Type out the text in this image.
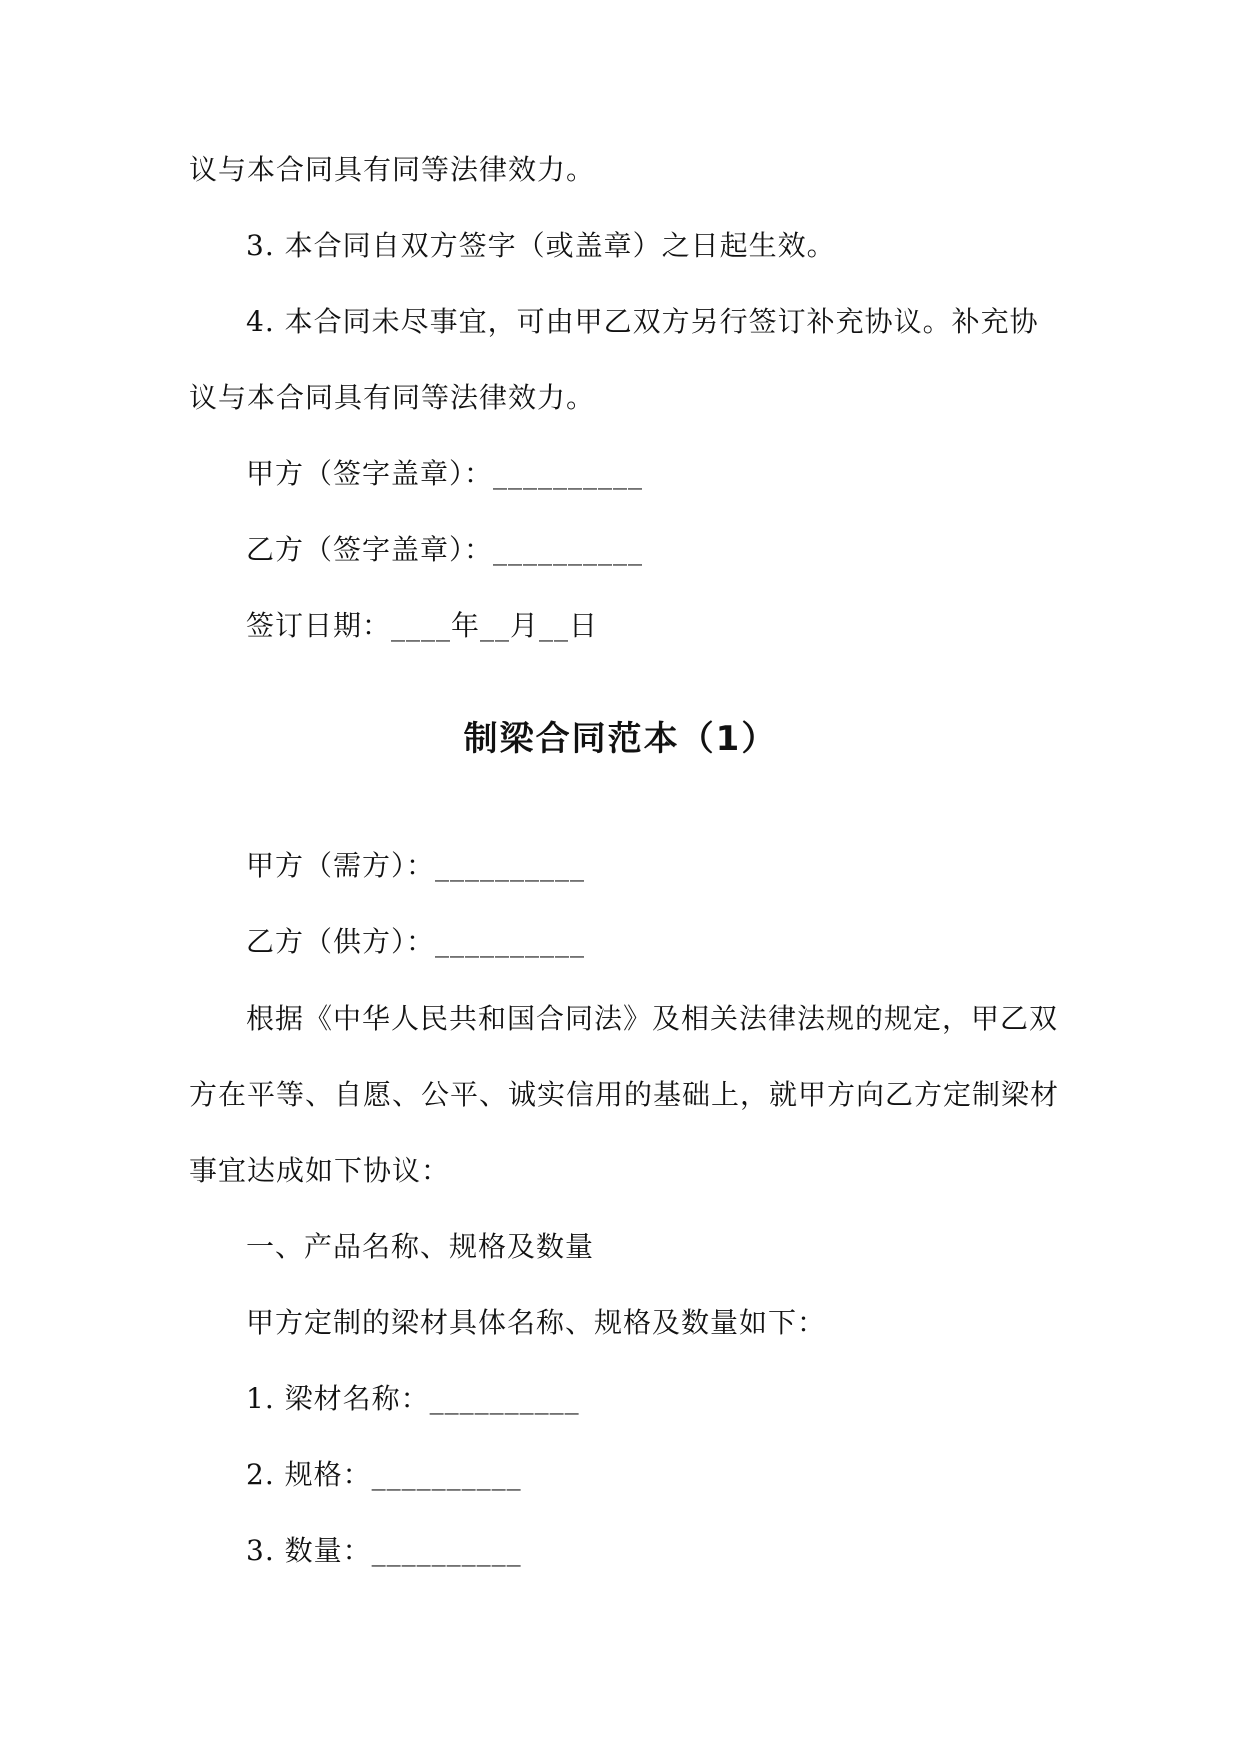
议与本合同具有同等法律效力。
3. 本合同自双方签字（或盖章）之日起生效。
4. 本合同未尽事宜，可由甲乙双方另行签订补充协议。补充协
议与本合同具有同等法律效力。
甲方（签字盖章）：__________
乙方（签字盖章）：__________
签订日期：____年__月__日
制梁合同范本（1）
甲方（需方）：__________
乙方（供方）：__________
根据《中华人民共和国合同法》及相关法律法规的规定，甲乙双
方在平等、自愿、公平、诚实信用的基础上，就甲方向乙方定制梁材
事宜达成如下协议：
一、产品名称、规格及数量
甲方定制的梁材具体名称、规格及数量如下：
1. 梁材名称：__________
2. 规格：__________
3. 数量：__________
